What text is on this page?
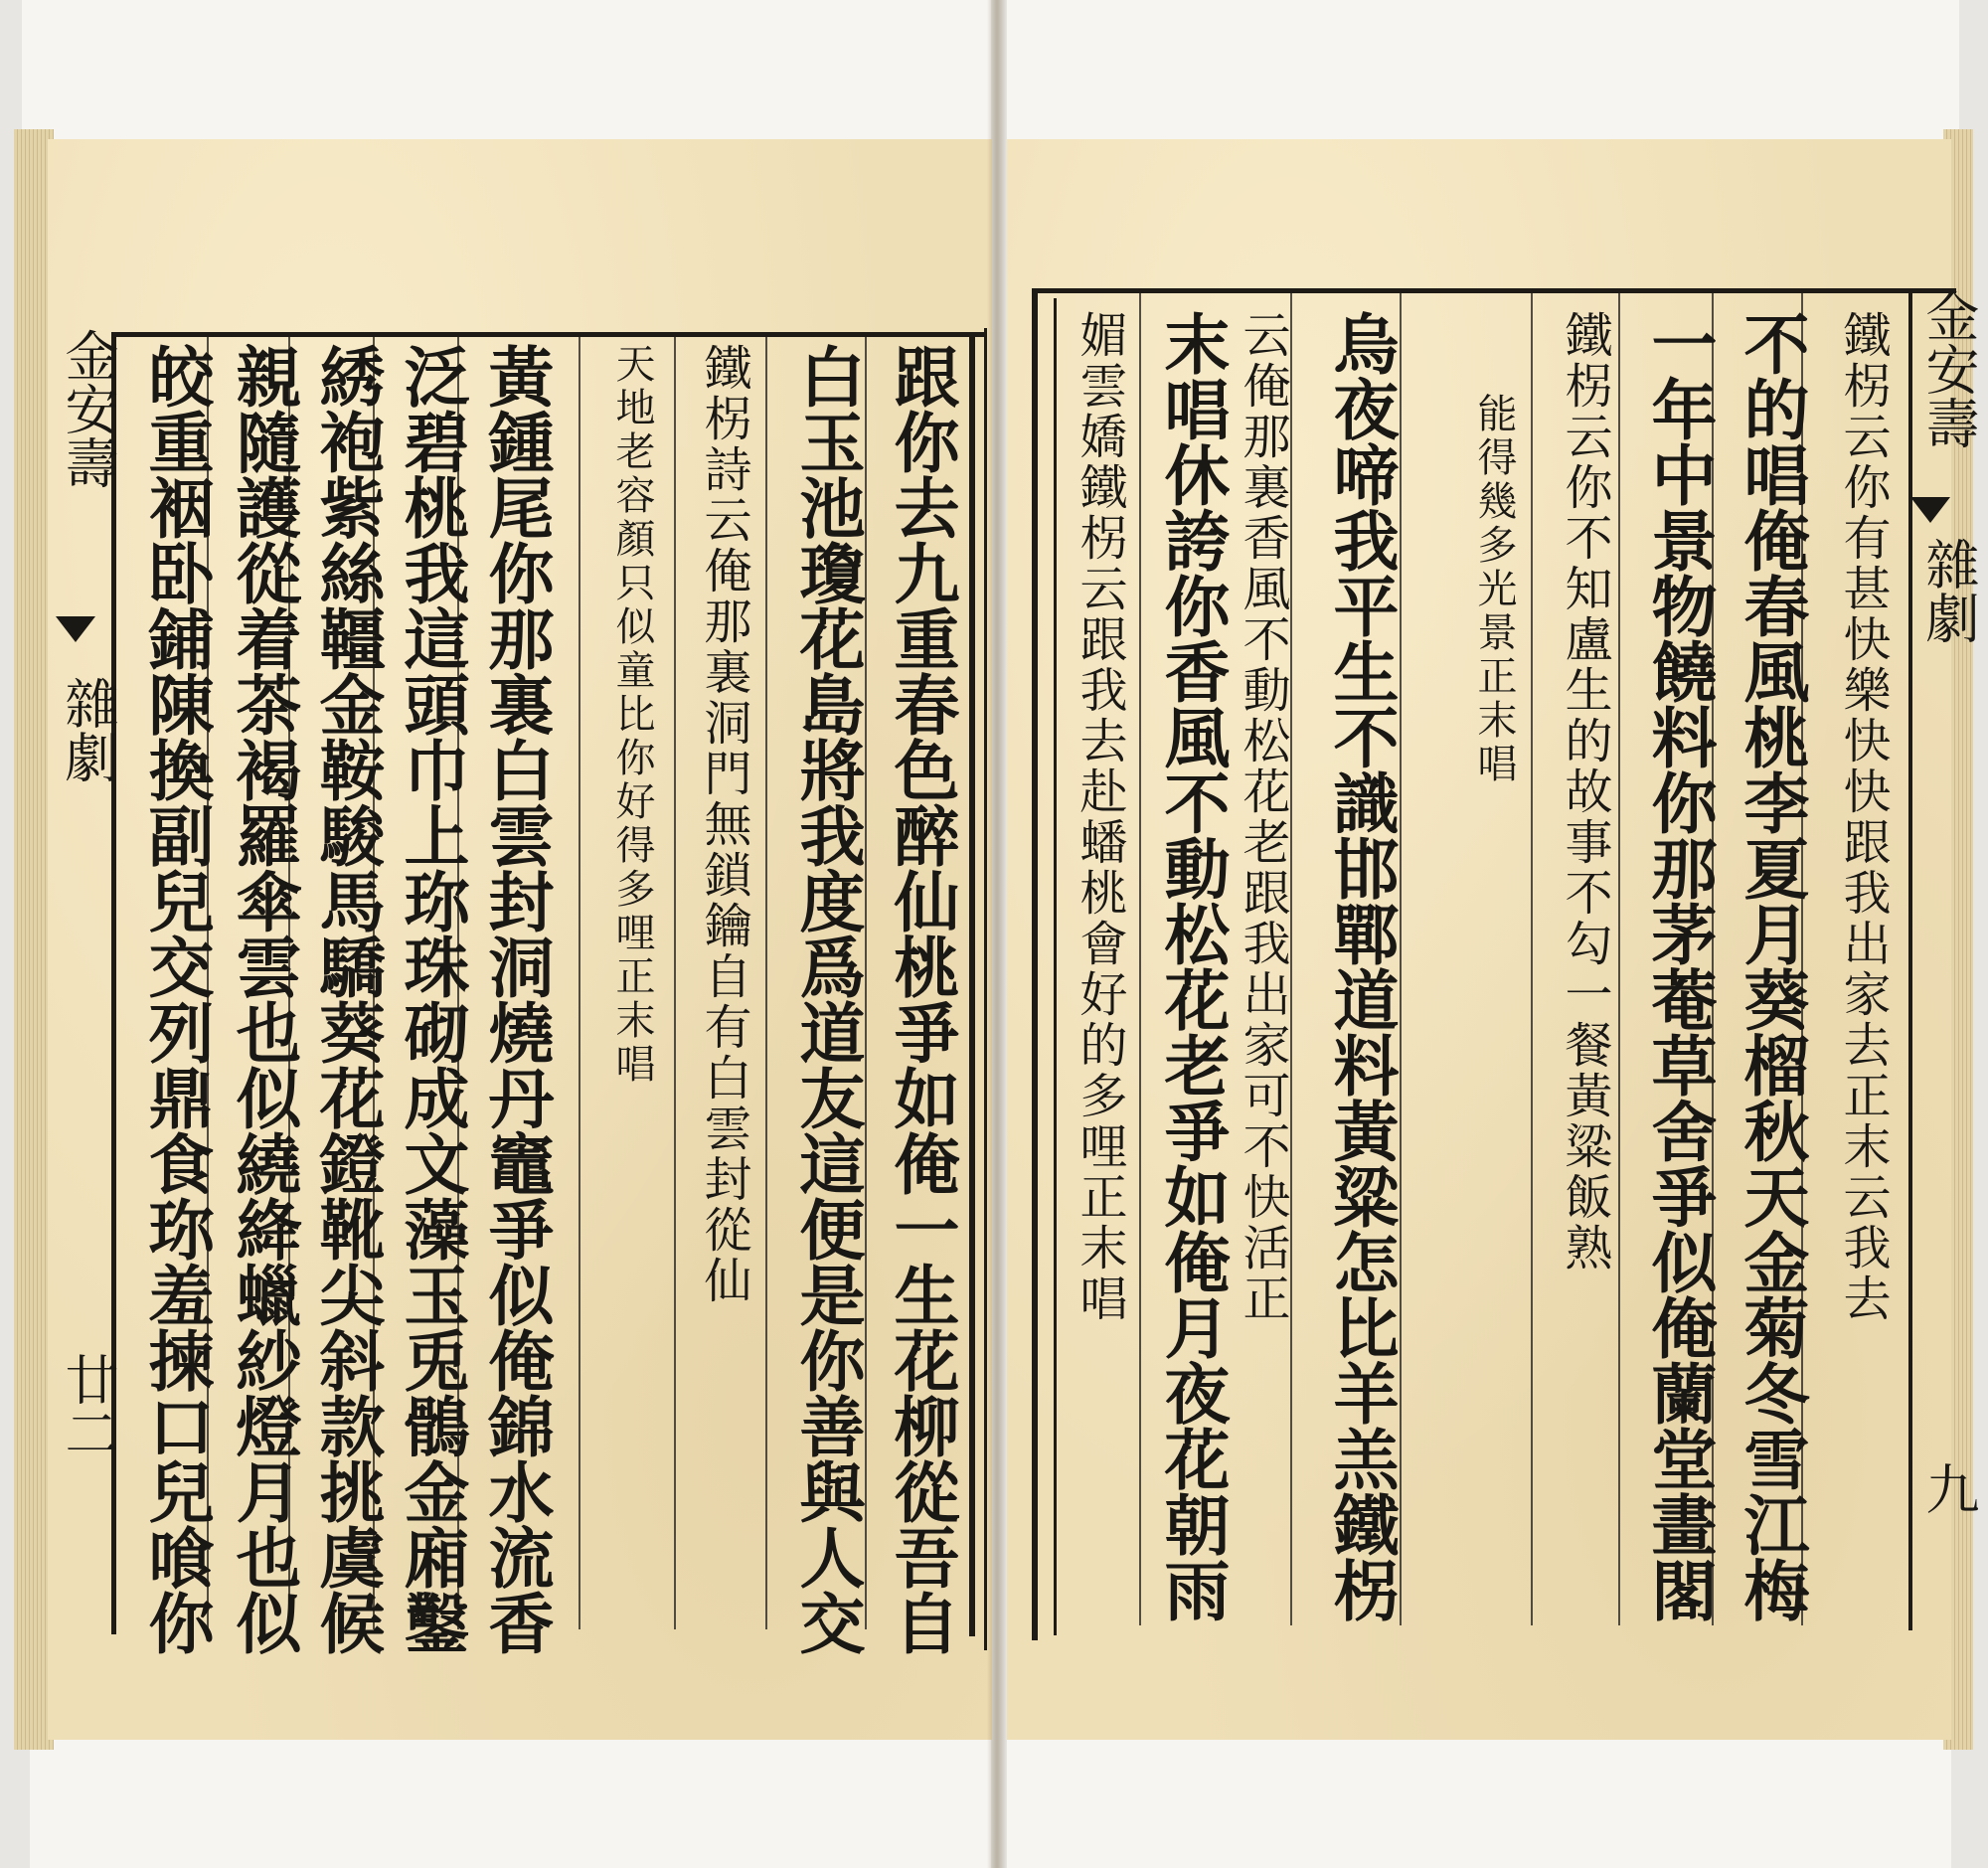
金安壽
雜劇
廿二	跟你去九重春色醉仙桃爭如俺一生花柳從吾自
白玉池瓊花島將我度爲道友這便是你善與人交
鐵柺詩云俺那裏洞門無鎖鑰自有白雲封從仙
天地老容顏只似童比你好得多哩正末唱
黃鍾尾你那裏白雲封洞燒丹竈爭似俺錦水流香
泛碧桃我這頭巾上珎珠砌成文藻玉兎鶻金廂鑿
綉袍紫絲韁金鞍駿馬驕葵花鐙靴尖斜款挑虞候
親隨護從着茶褐羅傘雲也似繞絳蠟紗燈月也似
皎重裀卧鋪陳換副兒交列鼎食珎羞揀口兒喰你	金安壽
雜劇
九
鐵柺云你有甚快樂快快跟我出家去正末云我去
不的唱俺春風桃李夏月葵榴秋天金菊冬雪江梅
一年中景物饒料你那茅菴草舍爭似俺蘭堂畫閣
鐵柺云你不知盧生的故事不勾一餐黃粱飯熟
能得幾多光景正末唱
烏夜啼我平生不識邯鄲道料黃粱怎比羊羔鐵柺
云俺那裏香風不動松花老跟我出家可不快活正
末唱休誇你香風不動松花老爭如俺月夜花朝雨
媚雲嬌鐵柺云跟我去赴蟠桃會好的多哩正末唱
